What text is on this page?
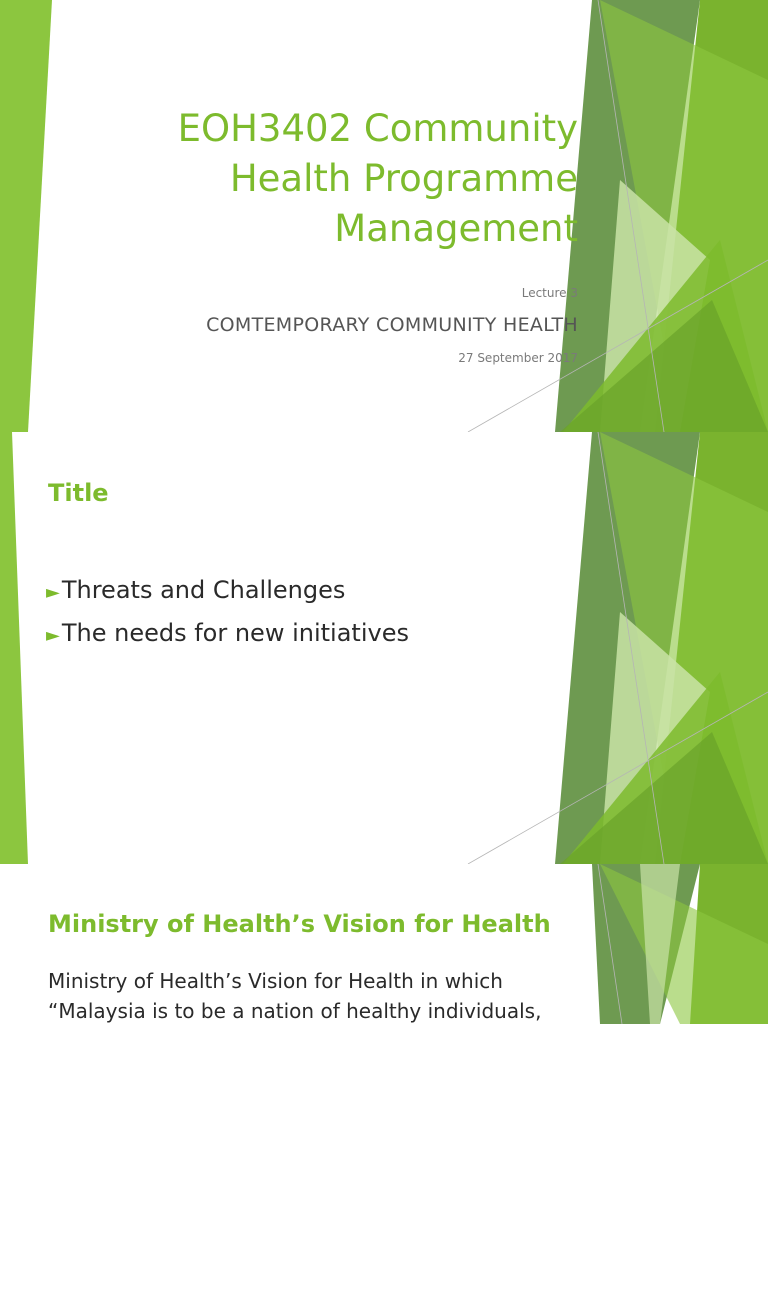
EOH3402 Community
Health Programme
Management
Lecture 3
COMTEMPORARY COMMUNITY HEALTH
27 September 2017
Title
►Threats and Challenges
►The needs for new initiatives
Ministry of Health’s Vision for Health
Ministry of Health’s Vision for Health in which
“Malaysia is to be a nation of healthy individuals,
